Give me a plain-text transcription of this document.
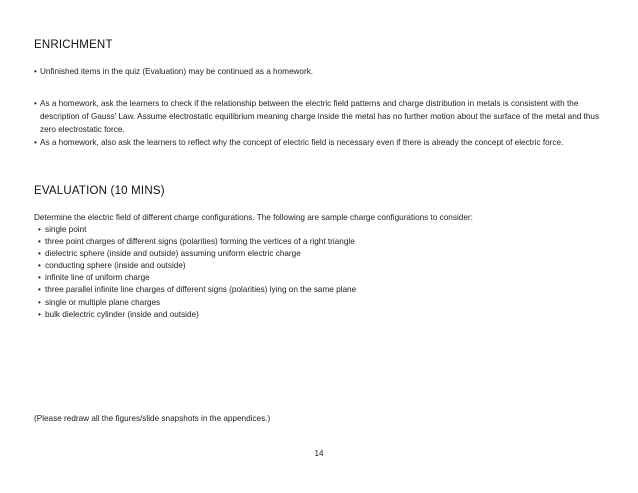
ENRICHMENT
• Unfinished items in the quiz (Evaluation) may be continued as a homework.
• As a homework, ask the learners to check if the relationship between the electric field patterns and charge distribution in metals is consistent with the description of Gauss' Law. Assume electrostatic equilibrium meaning charge inside the metal has no further motion about the surface of the metal and thus zero electrostatic force.
• As a homework, also ask the learners to reflect why the concept of electric field is necessary even if there is already the concept of electric force.
EVALUATION (10 MINS)
Determine the electric field of different charge configurations. The following are sample charge configurations to consider:
• single point
• three point charges of different signs (polarities) forming the vertices of a right triangle
• dielectric sphere (inside and outside) assuming uniform electric charge
• conducting sphere (inside and outside)
• infinite line of uniform charge
• three parallel infinite line charges of different signs (polarities) lying on the same plane
• single or multiple plane charges
• bulk dielectric cylinder (inside and outside)
(Please redraw all the figures/slide snapshots in the appendices.)
14
